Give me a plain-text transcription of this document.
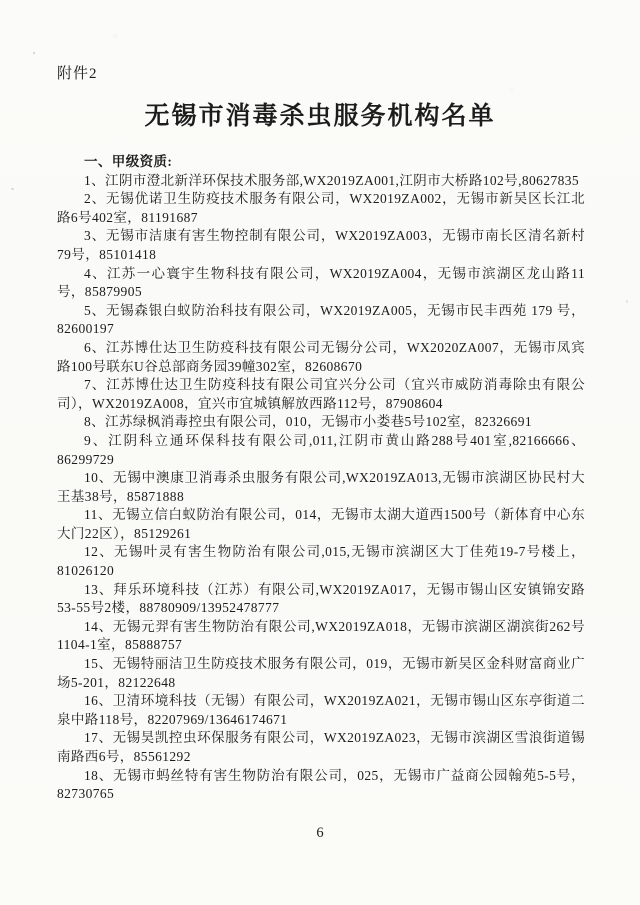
附件2
无锡市消毒杀虫服务机构名单

一、甲级资质:

1、江阴市澄北新洋环保技术服务部,WX2019ZA001,江阴市大桥路102号,80627835

2、无锡优诺卫生防疫技术服务有限公司，WX2019ZA002，无锡市新吴区长江北路6号402室，81191687

3、无锡市洁康有害生物控制有限公司，WX2019ZA003，无锡市南长区清名新村79号，85101418

4、江苏一心寰宇生物科技有限公司，WX2019ZA004，无锡市滨湖区龙山路11号，85879905

5、无锡森银白蚁防治科技有限公司，WX2019ZA005，无锡市民丰西苑 179 号，82600197

6、江苏博仕达卫生防疫科技有限公司无锡分公司，WX2020ZA007，无锡市凤宾路100号联东U谷总部商务园39幢302室，82608670

7、江苏博仕达卫生防疫科技有限公司宜兴分公司（宜兴市威防消毒除虫有限公司），WX2019ZA008，宜兴市宜城镇解放西路112号，87908604

8、江苏绿枫消毒控虫有限公司，010，无锡市小娄巷5号102室，82326691

9、江阴科立通环保科技有限公司,011,江阴市黄山路288号401室,82166666、86299729

10、无锡中澳康卫消毒杀虫服务有限公司,WX2019ZA013,无锡市滨湖区协民村大王基38号，85871888

11、无锡立信白蚁防治有限公司，014，无锡市太湖大道西1500号（新体育中心东大门22区），85129261

12、无锡叶灵有害生物防治有限公司,015,无锡市滨湖区大丁佳苑19-7号楼上，81026120

13、拜乐环境科技（江苏）有限公司,WX2019ZA017，无锡市锡山区安镇锦安路53-55号2楼，88780909/13952478777

14、无锡元羿有害生物防治有限公司,WX2019ZA018，无锡市滨湖区湖滨街262号1104-1室，85888757

15、无锡特丽洁卫生防疫技术服务有限公司，019，无锡市新吴区金科财富商业广场5-201，82122648

16、卫清环境科技（无锡）有限公司，WX2019ZA021，无锡市锡山区东亭街道二泉中路118号，82207969/13646174671

17、无锡昊凯控虫环保服务有限公司，WX2019ZA023，无锡市滨湖区雪浪街道锡南路西6号，85561292

18、无锡市蚂丝特有害生物防治有限公司，025，无锡市广益商公园翰苑5-5号，82730765

6
